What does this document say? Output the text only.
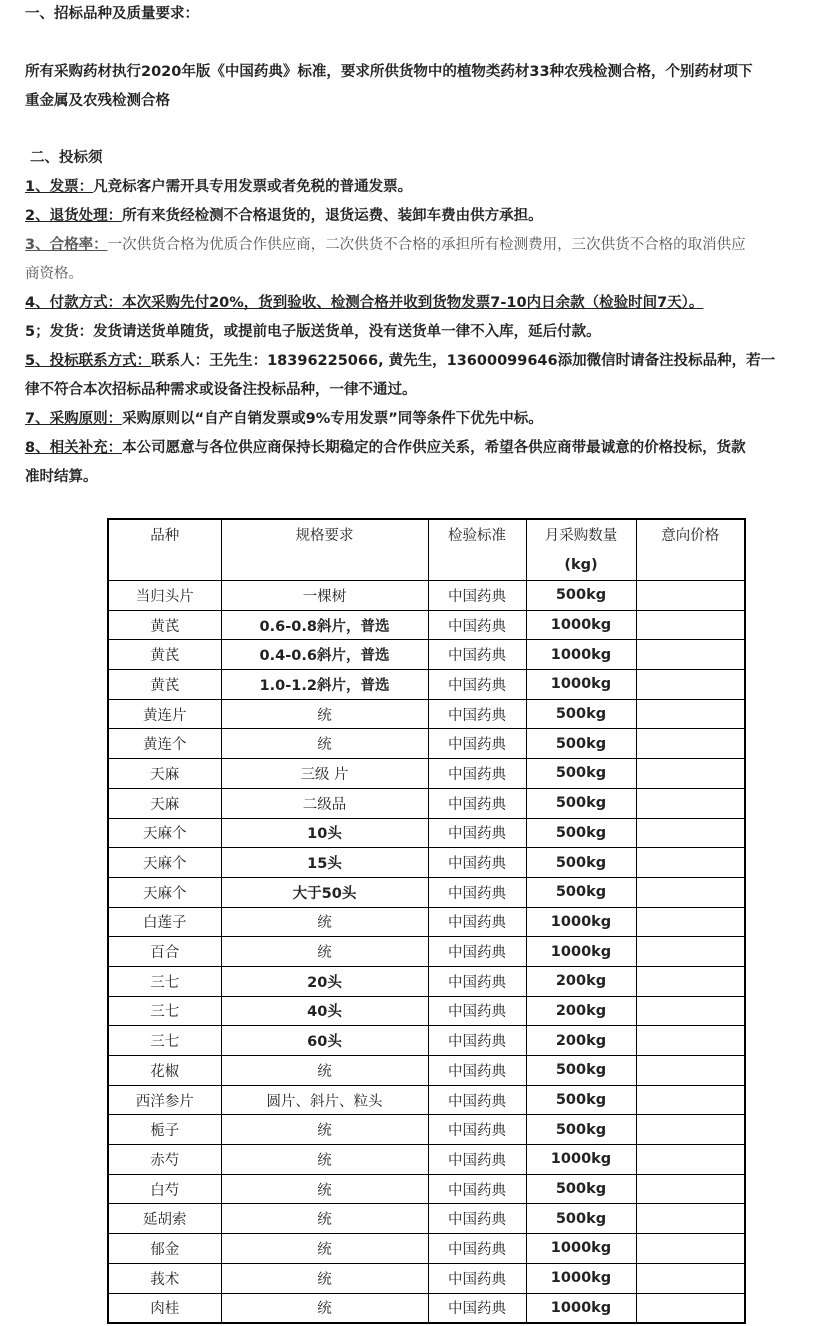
一、招标品种及质量要求：
所有采购药材执行2020年版《中国药典》标准，要求所供货物中的植物类药材33种农残检测合格，个别药材项下
重金属及农残检测合格
二、投标须
1、发票：凡竞标客户需开具专用发票或者免税的普通发票。
2、退货处理：所有来货经检测不合格退货的，退货运费、装卸车费由供方承担。
3、合格率：一次供货合格为优质合作供应商，二次供货不合格的承担所有检测费用，三次供货不合格的取消供应
商资格。
4、付款方式：本次采购先付20%，货到验收、检测合格并收到货物发票7-10内日余款（检验时间7天）。
5；发货：发货请送货单随货，或提前电子版送货单，没有送货单一律不入库，延后付款。
5、投标联系方式：联系人：王先生：18396225066, 黄先生，13600099646添加微信时请备注投标品种，若一
律不符合本次招标品种需求或设备注投标品种，一律不通过。
7、采购原则：采购原则以“自产自销发票或9%专用发票”同等条件下优先中标。
8、相关补充：本公司愿意与各位供应商保持长期稳定的合作供应关系，希望各供应商带最诚意的价格投标，货款
准时结算。
品种	规格要求	检验标准	月采购数量
(kg)	意向价格
当归头片	一棵树	中国药典	500kg	
黄芪	0.6-0.8斜片，普选	中国药典	1000kg	
黄芪	0.4-0.6斜片，普选	中国药典	1000kg	
黄芪	1.0-1.2斜片，普选	中国药典	1000kg	
黄连片	统	中国药典	500kg	
黄连个	统	中国药典	500kg	
天麻	三级 片	中国药典	500kg	
天麻	二级品	中国药典	500kg	
天麻个	10头	中国药典	500kg	
天麻个	15头	中国药典	500kg	
天麻个	大于50头	中国药典	500kg	
白莲子	统	中国药典	1000kg	
百合	统	中国药典	1000kg	
三七	20头	中国药典	200kg	
三七	40头	中国药典	200kg	
三七	60头	中国药典	200kg	
花椒	统	中国药典	500kg	
西洋参片	圆片、斜片、粒头	中国药典	500kg	
栀子	统	中国药典	500kg	
赤芍	统	中国药典	1000kg	
白芍	统	中国药典	500kg	
延胡索	统	中国药典	500kg	
郁金	统	中国药典	1000kg	
莪术	统	中国药典	1000kg	
肉桂	统	中国药典	1000kg	
